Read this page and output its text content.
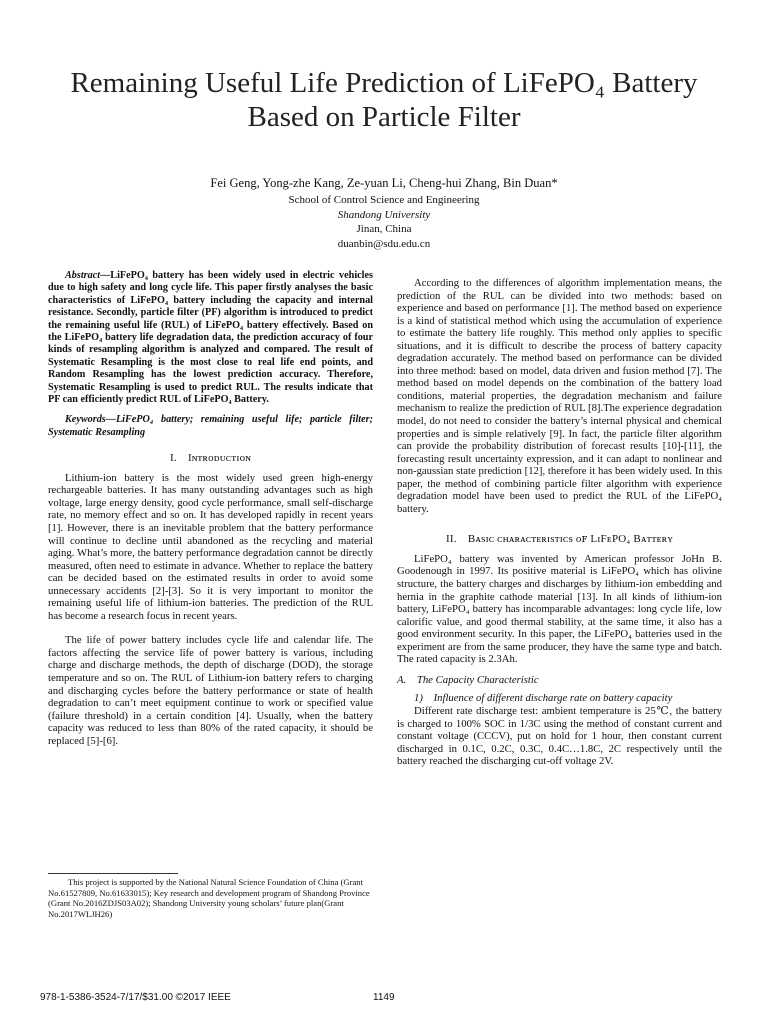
Remaining Useful Life Prediction of LiFePO₄ Battery
Based on Particle Filter
Fei Geng, Yong-zhe Kang, Ze-yuan Li, Cheng-hui Zhang, Bin Duan*
School of Control Science and Engineering
Shandong University
Jinan, China
duanbin@sdu.edu.cn

Abstract—LiFePO₄ battery has been widely used in electric vehicles due to high safety and long cycle life. This paper firstly analyses the basic characteristics of LiFePO₄ battery including the capacity and internal resistance. Secondly, particle filter (PF) algorithm is introduced to predict the remaining useful life (RUL) of LiFePO₄ battery effectively. Based on the LiFePO₄ battery life degradation data, the prediction accuracy of four kinds of resampling algorithm is analyzed and compared. The result of Systematic Resampling is the most close to real life end points, and Random Resampling has the lowest prediction accuracy. Therefore, Systematic Resampling is used to predict RUL. The results indicate that PF can efficiently predict RUL of LiFePO₄ Battery.

Keywords—LiFePO₄ battery; remaining useful life; particle filter; Systematic Resampling

I. Iɴᴛʀᴏᴅᴜᴄᴛɪᴏɴ

Lithium-ion battery is the most widely used green high-energy rechargeable batteries. It has many outstanding advantages such as high voltage, large energy density, good cycle performance, small self-discharge rate, no memory effect and so on. It has developed rapidly in recent years [1]. However, there is an inevitable problem that the battery performance will continue to decline until abandoned as the recycling and material aging. What’s more, the battery performance degradation cannot be directly measured, often need to estimate in advance. Whether to replace the battery can be decided based on the estimated results in order to avoid some unnecessary accidents [2]-[3]. So it is very important to monitor the remaining useful life of lithium-ion batteries. The prediction of the RUL has become a research focus in recent years.

The life of power battery includes cycle life and calendar life. The factors affecting the service life of power battery is various, including charge and discharge methods, the depth of discharge (DOD), the storage temperature and so on. The RUL of Lithium-ion battery refers to charging and discharging cycles before the battery performance or state of health degradation to can’t meet equipment continue to work or specified value (failure threshold) in a certain condition [4]. Usually, when the battery capacity was reduced to less than 80% of the rated capacity, it should be replaced [5]-[6].

This project is supported by the National Natural Science Foundation of China (Grant No.61527809, No.61633015); Key research and development program of Shandong Province (Grant No.2016ZDJS03A02); Shandong University young scholars’ future plan(Grant No.2017WLJH26)

According to the differences of algorithm implementation means, the prediction of the RUL can be divided into two methods: based on experience and based on performance [1]. The method based on experience is a kind of statistical method which using the accumulation of experience to estimate the battery life roughly. This method only applies to specific situations, and it is difficult to describe the process of battery capacity degradation accurately. The method based on performance can be divided into three method: based on model, data driven and fusion method [7]. The method based on model depends on the combination of the battery load conditions, material properties, the degradation mechanism and failure mechanism to realize the prediction of RUL [8].The experience degradation model, do not need to consider the battery’s internal physical and chemical properties and is simple relatively [9]. In fact, the particle filter algorithm can provide the probability distribution of forecast results [10]-[11], the forecasting result uncertainty expression, and it can adapt to nonlinear and non-gaussian state prediction [12], therefore it has been widely used. In this paper, the method of combining particle filter algorithm with experience degradation model have been used to predict the RUL of the LiFePO₄ battery.

II. Bᴀsɪᴄ ᴄʜᴀʀᴀᴄᴛᴇʀɪsᴛɪᴄs ᴏꜰ LɪFᴇPO₄ Bᴀᴛᴛᴇʀʏ

LiFePO₄ battery was invented by American professor JoHn B. Goodenough in 1997. Its positive material is LiFePO₄ which has olivine structure, the battery charges and discharges by lithium-ion embedding and hernia in the graphite cathode material [13]. In all kinds of lithium-ion battery, LiFePO₄ battery has incomparable advantages: long cycle life, low calorific value, and good thermal stability, at the same time, it also has a good environment security. In this paper, the LiFePO₄ batteries used in the experiment are from the same producer, they have the same type and batch. The rated capacity is 2.3Ah.

A. The Capacity Characteristic

1) Influence of different discharge rate on battery capacity

Different rate discharge test: ambient temperature is 25℃, the battery is charged to 100% SOC in 1/3C using the method of constant current and constant voltage (CCCV), put on hold for 1 hour, then constant current discharged in 0.1C, 0.2C, 0.3C, 0.4C…1.8C, 2C respectively until the battery reached the discharging cut-off voltage 2V.

978-1-5386-3524-7/17/$31.00 ©2017 IEEE	1149
